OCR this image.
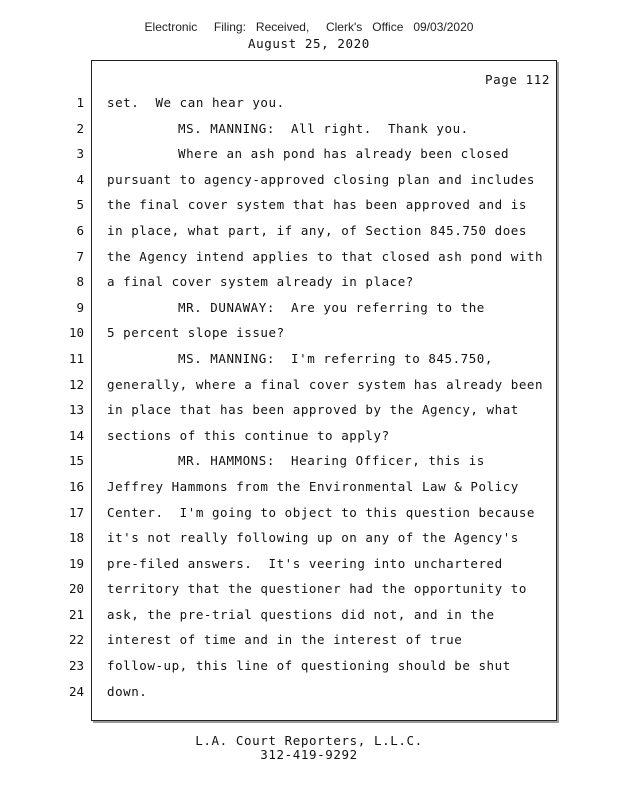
Electronic     Filing:   Received,     Clerk's   Office   09/03/2020
August 25, 2020
Page 112
1
2
3
4
5
6
7
8
9
10
11
12
13
14
15
16
17
18
19
20
21
22
23
24
set.  We can hear you.
MS. MANNING:  All right.  Thank you.
Where an ash pond has already been closed
pursuant to agency-approved closing plan and includes
the final cover system that has been approved and is
in place, what part, if any, of Section 845.750 does
the Agency intend applies to that closed ash pond with
a final cover system already in place?
MR. DUNAWAY:  Are you referring to the
5 percent slope issue?
MS. MANNING:  I'm referring to 845.750,
generally, where a final cover system has already been
in place that has been approved by the Agency, what
sections of this continue to apply?
MR. HAMMONS:  Hearing Officer, this is
Jeffrey Hammons from the Environmental Law & Policy
Center.  I'm going to object to this question because
it's not really following up on any of the Agency's
pre-filed answers.  It's veering into unchartered
territory that the questioner had the opportunity to
ask, the pre-trial questions did not, and in the
interest of time and in the interest of true
follow-up, this line of questioning should be shut
down.
L.A. Court Reporters, L.L.C.
312-419-9292
